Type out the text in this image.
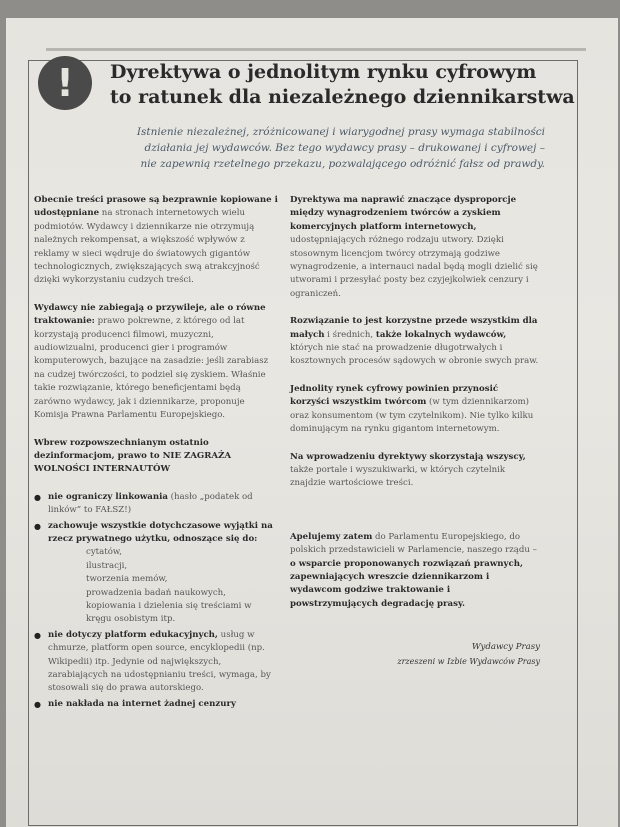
!	Dyrektywa o jednolitym rynku cyfrowym
to ratunek dla niezależnego dziennikarstwa
Istnienie niezależnej, zróżnicowanej i wiarygodnej prasy wymaga stabilności działania jej wydawców. Bez tego wydawcy prasy – drukowanej i cyfrowej – nie zapewnią rzetelnego przekazu, pozwalającego odróżnić fałsz od prawdy.

Obecnie treści prasowe są bezprawnie kopiowane i udostępniane na stronach internetowych wielu podmiotów. Wydawcy i dziennikarze nie otrzymują należnych rekompensat, a większość wpływów z reklamy w sieci wędruje do światowych gigantów technologicznych, zwiększających swą atrakcyjność dzięki wykorzystaniu cudzych treści.

Wydawcy nie zabiegają o przywileje, ale o równe traktowanie: prawo pokrewne, z którego od lat korzystają producenci filmowi, muzyczni, audiowizualni, producenci gier i programów komputerowych, bazujące na zasadzie: jeśli zarabiasz na cudzej twórczości, to podziel się zyskiem. Właśnie takie rozwiązanie, którego beneficjentami będą zarówno wydawcy, jak i dziennikarze, proponuje Komisja Prawna Parlamentu Europejskiego.

Wbrew rozpowszechnianym ostatnio dezinformacjom, prawo to NIE ZAGRAŻA WOLNOŚCI INTERNAUTÓW

● nie ograniczy linkowania (hasło „podatek od linków” to FAŁSZ!)
● zachowuje wszystkie dotychczasowe wyjątki na rzecz prywatnego użytku, odnoszące się do:
cytatów,
ilustracji,
tworzenia memów,
prowadzenia badań naukowych,
kopiowania i dzielenia się treściami w kręgu osobistym itp.
● nie dotyczy platform edukacyjnych, usług w chmurze, platform open source, encyklopedii (np. Wikipedii) itp. Jedynie od największych, zarabiających na udostępnianiu treści, wymaga, by stosowali się do prawa autorskiego.
● nie nakłada na internet żadnej cenzury

Dyrektywa ma naprawić znaczące dysproporcje między wynagrodzeniem twórców a zyskiem komercyjnych platform internetowych, udostępniających różnego rodzaju utwory. Dzięki stosownym licencjom twórcy otrzymają godziwe wynagrodzenie, a internauci nadal będą mogli dzielić się utworami i przesyłać posty bez czyjejkolwiek cenzury i ograniczeń.

Rozwiązanie to jest korzystne przede wszystkim dla małych i średnich, także lokalnych wydawców, których nie stać na prowadzenie długotrwałych i kosztownych procesów sądowych w obronie swych praw.

Jednolity rynek cyfrowy powinien przynosić korzyści wszystkim twórcom (w tym dziennikarzom) oraz konsumentom (w tym czytelnikom). Nie tylko kilku dominującym na rynku gigantom internetowym.

Na wprowadzeniu dyrektywy skorzystają wszyscy, także portale i wyszukiwarki, w których czytelnik znajdzie wartościowe treści.

Apelujemy zatem do Parlamentu Europejskiego, do polskich przedstawicieli w Parlamencie, naszego rządu – o wsparcie proponowanych rozwiązań prawnych, zapewniających wreszcie dziennikarzom i wydawcom godziwe traktowanie i powstrzymujących degradację prasy.

Wydawcy Prasy
zrzeszeni w Izbie Wydawców Prasy
